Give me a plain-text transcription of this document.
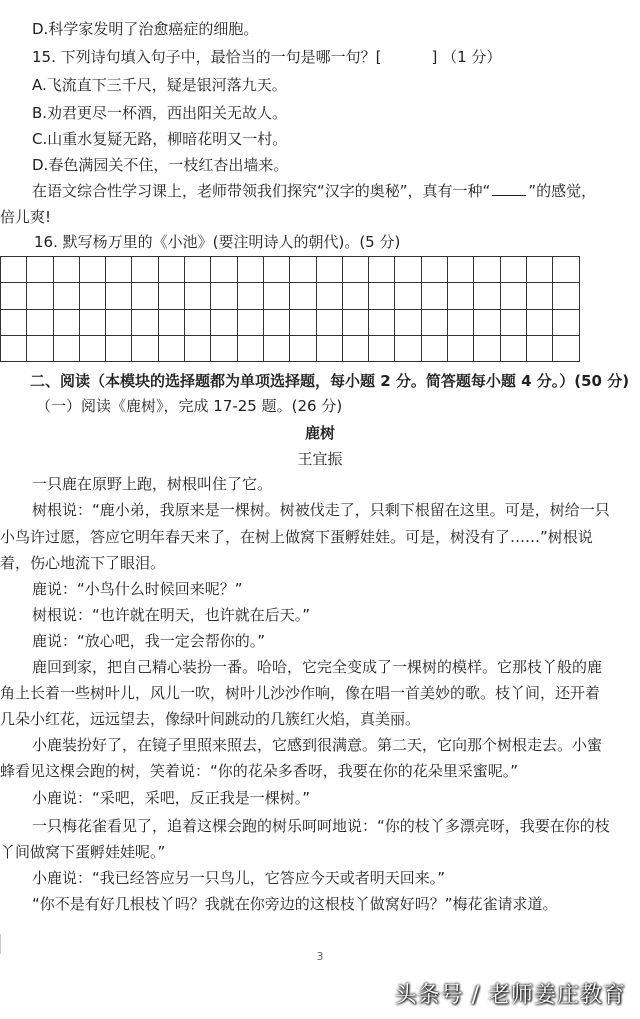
D.科学家发明了治愈癌症的细胞。
15. 下列诗句填入句子中，最恰当的一句是哪一句？[	] （1 分）
A.飞流直下三千尺，疑是银河落九天。
B.劝君更尽一杯酒，西出阳关无故人。
C.山重水复疑无路，柳暗花明又一村。
D.春色满园关不住，一枝红杏出墙来。
在语文综合性学习课上，老师带领我们探究“汉字的奥秘”，真有一种“	”的感觉，
倍儿爽!
16. 默写杨万里的《小池》(要注明诗人的朝代)。(5 分)

二、阅读（本模块的选择题都为单项选择题，每小题 2 分。简答题每小题 4 分。）(50 分)
（一）阅读《鹿树》，完成 17-25 题。(26 分)
鹿树
王宜振
一只鹿在原野上跑，树根叫住了它。
树根说：“鹿小弟，我原来是一棵树。树被伐走了，只剩下根留在这里。可是，树给一只
小鸟许过愿，答应它明年春天来了，在树上做窝下蛋孵娃娃。可是，树没有了……”树根说
着，伤心地流下了眼泪。
鹿说：“小鸟什么时候回来呢？”
树根说：“也许就在明天，也许就在后天。”
鹿说：“放心吧，我一定会帮你的。”
鹿回到家，把自己精心装扮一番。哈哈，它完全变成了一棵树的模样。它那枝丫般的鹿
角上长着一些树叶儿，风儿一吹，树叶儿沙沙作响，像在唱一首美妙的歌。枝丫间，还开着
几朵小红花，远远望去，像绿叶间跳动的几簇红火焰，真美丽。
小鹿装扮好了，在镜子里照来照去，它感到很满意。第二天，它向那个树根走去。小蜜
蜂看见这棵会跑的树，笑着说：“你的花朵多香呀，我要在你的花朵里采蜜呢。”
小鹿说：“采吧，采吧，反正我是一棵树。”
一只梅花雀看见了，追着这棵会跑的树乐呵呵地说：“你的枝丫多漂亮呀，我要在你的枝
丫间做窝下蛋孵娃娃呢。”
小鹿说：“我已经答应另一只鸟儿，它答应今天或者明天回来。”
“你不是有好几根枝丫吗？我就在你旁边的这根枝丫做窝好吗？”梅花雀请求道。
3
头条号 / 老师姜庄教育
